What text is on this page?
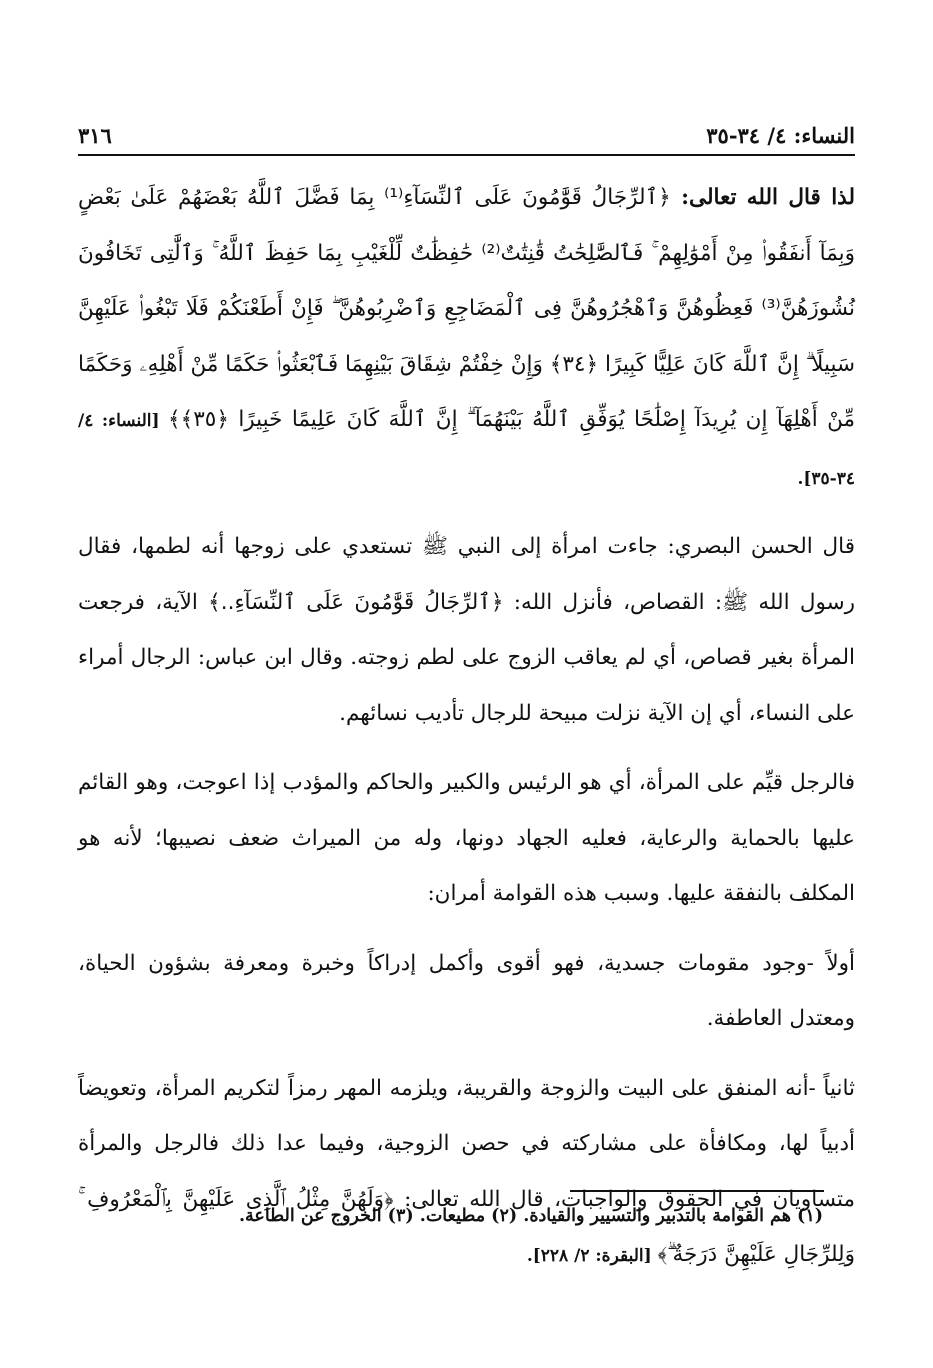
النساء: ٤/ ٣٤-٣٥
٣١٦

لذا قال الله تعالى: ﴿ٱلرِّجَالُ قَوَّٰمُونَ عَلَى ٱلنِّسَآءِ⁽¹⁾ بِمَا فَضَّلَ ٱللَّهُ بَعْضَهُمْ عَلَىٰ بَعْضٍ وَبِمَآ أَنفَقُوا۟ مِنْ أَمْوَٰلِهِمْ ۚ فَٱلصَّٰلِحَٰتُ قَٰنِتَٰتٌ⁽²⁾ حَٰفِظَٰتٌ لِّلْغَيْبِ بِمَا حَفِظَ ٱللَّهُ ۚ وَٱلَّٰتِى تَخَافُونَ نُشُوزَهُنَّ⁽³⁾ فَعِظُوهُنَّ وَٱهْجُرُوهُنَّ فِى ٱلْمَضَاجِعِ وَٱضْرِبُوهُنَّ ۖ فَإِنْ أَطَعْنَكُمْ فَلَا تَبْغُوا۟ عَلَيْهِنَّ سَبِيلًا ۗ إِنَّ ٱللَّهَ كَانَ عَلِيًّا كَبِيرًا ﴿٣٤﴾ وَإِنْ خِفْتُمْ شِقَاقَ بَيْنِهِمَا فَٱبْعَثُوا۟ حَكَمًا مِّنْ أَهْلِهِۦ وَحَكَمًا مِّنْ أَهْلِهَآ إِن يُرِيدَآ إِصْلَٰحًا يُوَفِّقِ ٱللَّهُ بَيْنَهُمَآ ۗ إِنَّ ٱللَّهَ كَانَ عَلِيمًا خَبِيرًا ﴿٣٥﴾﴾ [النساء: ٤/ ٣٤-٣٥].

قال الحسن البصري: جاءت امرأة إلى النبي ﷺ تستعدي على زوجها أنه لطمها، فقال رسول الله ﷺ: القصاص، فأنزل الله: ﴿ٱلرِّجَالُ قَوَّٰمُونَ عَلَى ٱلنِّسَآءِ..﴾ الآية، فرجعت المرأة بغير قصاص، أي لم يعاقب الزوج على لطم زوجته. وقال ابن عباس: الرجال أمراء على النساء، أي إن الآية نزلت مبيحة للرجال تأديب نسائهم.

فالرجل قيِّم على المرأة، أي هو الرئيس والكبير والحاكم والمؤدب إذا اعوجت، وهو القائم عليها بالحماية والرعاية، فعليه الجهاد دونها، وله من الميراث ضعف نصيبها؛ لأنه هو المكلف بالنفقة عليها. وسبب هذه القوامة أمران:

أولاً -وجود مقومات جسدية، فهو أقوى وأكمل إدراكاً وخبرة ومعرفة بشؤون الحياة، ومعتدل العاطفة.

ثانياً -أنه المنفق على البيت والزوجة والقريبة، ويلزمه المهر رمزاً لتكريم المرأة، وتعويضاً أدبياً لها، ومكافأة على مشاركته في حصن الزوجية، وفيما عدا ذلك فالرجل والمرأة متساويان في الحقوق والواجبات، قال الله تعالى: ﴿وَلَهُنَّ مِثْلُ ٱلَّذِى عَلَيْهِنَّ بِٱلْمَعْرُوفِ ۚ وَلِلرِّجَالِ عَلَيْهِنَّ دَرَجَةٌ ۗ﴾ [البقرة: ٢/ ٢٢٨].

(١) هم القوامة بالتدبير والتسيير والقيادة. (٢) مطيعات. (٣) الخروج عن الطاعة.
